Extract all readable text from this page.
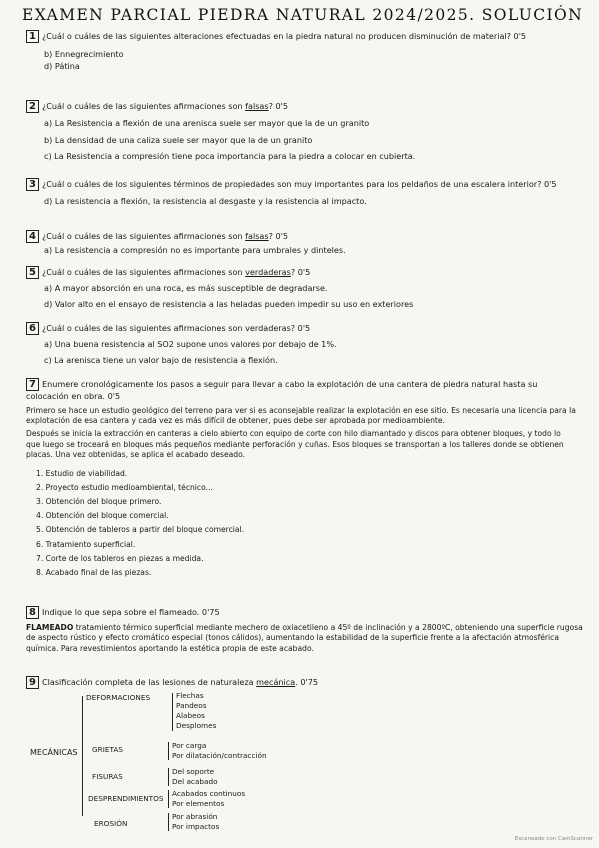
EXAMEN PARCIAL PIEDRA NATURAL 2024/2025. SOLUCIÓN
1 ¿Cuál o cuáles de las siguientes alteraciones efectuadas en la piedra natural no producen disminución de material? 0'5
b) Ennegrecimiento
d) Pátina
2 ¿Cuál o cuáles de las siguientes afirmaciones son falsas? 0'5
a) La Resistencia a flexión de una arenisca suele ser mayor que la de un granito
b) La densidad de una caliza suele ser mayor que la de un granito
c) La Resistencia a compresión tiene poca importancia para la piedra a colocar en cubierta.
3 ¿Cuál o cuáles de los siguientes términos de propiedades son muy importantes para los peldaños de una escalera interior? 0'5
d) La resistencia a flexión, la resistencia al desgaste y la resistencia al impacto.
4 ¿Cuál o cuáles de las siguientes afirmaciones son falsas? 0'5
a) La resistencia a compresión no es importante para umbrales y dinteles.
5 ¿Cuál o cuáles de las siguientes afirmaciones son verdaderas? 0'5
a) A mayor absorción en una roca, es más susceptible de degradarse.
d) Valor alto en el ensayo de resistencia a las heladas pueden impedir su uso en exteriores
6 ¿Cuál o cuáles de las siguientes afirmaciones son verdaderas? 0'5
a) Una buena resistencia al SO2 supone unos valores por debajo de 1%.
c) La arenisca tiene un valor bajo de resistencia a flexión.
7 Enumere cronológicamente los pasos a seguir para llevar a cabo la explotación de una cantera de piedra natural hasta su colocación en obra. 0'5
Primero se hace un estudio geológico del terreno para ver si es aconsejable realizar la explotación en ese sitio. Es necesaria una licencia para la explotación de esa cantera y cada vez es más difícil de obtener, pues debe ser aprobada por medioambiente.
Después se inicia la extracción en canteras a cielo abierto con equipo de corte con hilo diamantado y discos para obtener bloques, y todo lo que luego se troceará en bloques más pequeños mediante perforación y cuñas. Esos bloques se transportan a los talleres donde se obtienen placas. Una vez obtenidas, se aplica el acabado deseado.
1. Estudio de viabilidad.
2. Proyecto estudio medioambiental, técnico...
3. Obtención del bloque primero.
4. Obtención del bloque comercial.
5. Obtención de tableros a partir del bloque comercial.
6. Tratamiento superficial.
7. Corte de los tableros en piezas a medida.
8. Acabado final de las piezas.
8 Indique lo que sepa sobre el flameado. 0'75
FLAMEADO tratamiento térmico superficial mediante mechero de oxiacetileno a 45º de inclinación y a 2800ºC, obteniendo una superficie rugosa de aspecto rústico y efecto cromático especial (tonos cálidos), aumentando la estabilidad de la superficie frente a la afectación atmosférica química. Para revestimientos aportando la estética propia de este acabado.
9 Clasificación completa de las lesiones de naturaleza mecánica. 0'75
MECÁNICAS
DEFORMACIONES	Flechas
Pandeos
Alabeos
Desplomes
GRIETAS	Por carga
Por dilatación/contracción
FISURAS
Del soporte
Del acabado
DESPRENDIMIENTOS
Acabados continuos
Por elementos
EROSIÓN
Por abrasión
Por impactos
Escaneado con CamScanner
